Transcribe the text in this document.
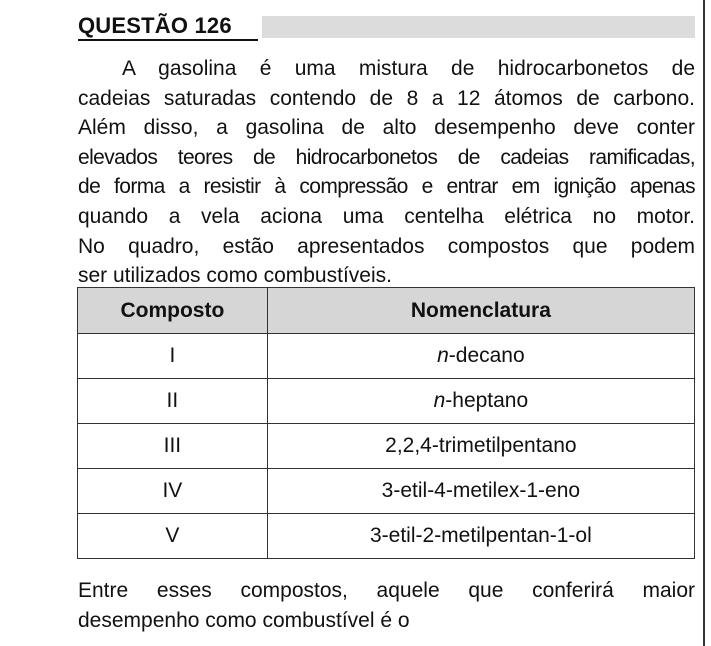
QUESTÃO 126
A gasolina é uma mistura de hidrocarbonetos de
cadeias saturadas contendo de 8 a 12 átomos de carbono.
Além disso, a gasolina de alto desempenho deve conter
elevados teores de hidrocarbonetos de cadeias ramificadas,
de forma a resistir à compressão e entrar em ignição apenas
quando a vela aciona uma centelha elétrica no motor.
No quadro, estão apresentados compostos que podem
ser utilizados como combustíveis.
Composto	Nomenclatura
I	n-decano
II	n-heptano
III	2,2,4-trimetilpentano
IV	3-etil-4-metilex-1-eno
V	3-etil-2-metilpentan-1-ol
Entre esses compostos, aquele que conferirá maior
desempenho como combustível é o
